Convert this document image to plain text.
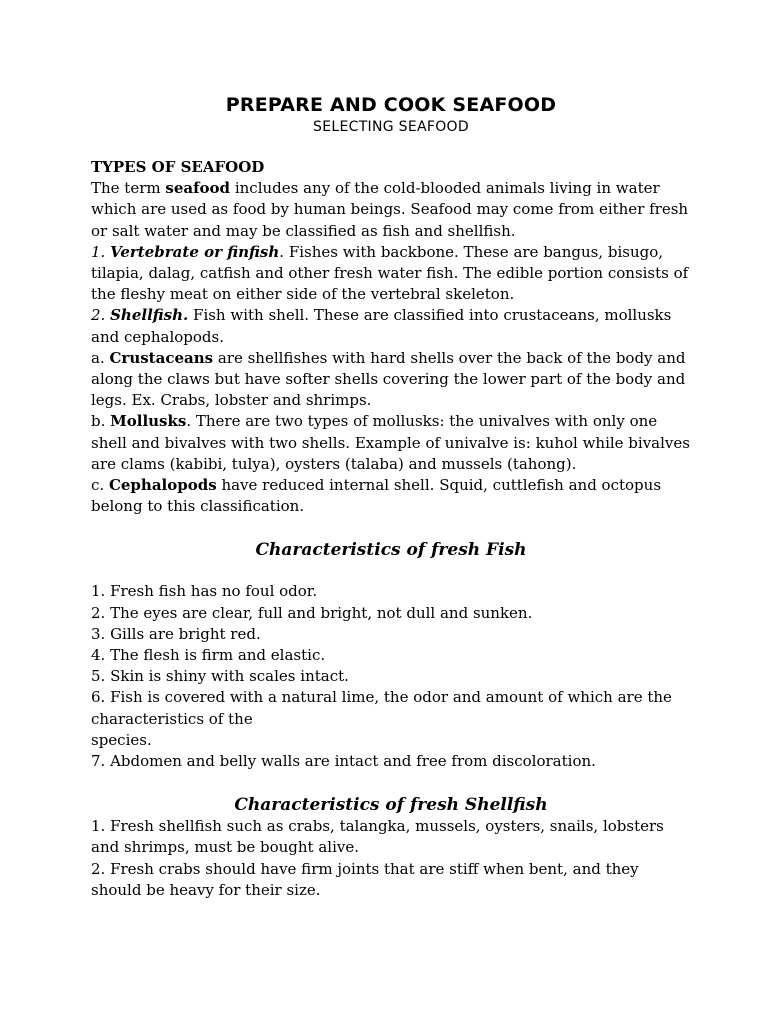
PREPARE AND COOK SEAFOOD
SELECTING SEAFOOD
TYPES OF SEAFOOD

The term seafood includes any of the cold-blooded animals living in water which are used as food by human beings. Seafood may come from either fresh or salt water and may be classified as fish and shellfish.

1. Vertebrate or finfish. Fishes with backbone. These are bangus, bisugo, tilapia, dalag, catfish and other fresh water fish. The edible portion consists of the fleshy meat on either side of the vertebral skeleton.

2. Shellfish. Fish with shell. These are classified into crustaceans, mollusks and cephalopods.

a. Crustaceans are shellfishes with hard shells over the back of the body and along the claws but have softer shells covering the lower part of the body and legs. Ex. Crabs, lobster and shrimps.

b. Mollusks. There are two types of mollusks: the univalves with only one shell and bivalves with two shells. Example of univalve is: kuhol while bivalves are clams (kabibi, tulya), oysters (talaba) and mussels (tahong).

c. Cephalopods have reduced internal shell. Squid, cuttlefish and octopus belong to this classification.

Characteristics of fresh Fish

1. Fresh fish has no foul odor.

2. The eyes are clear, full and bright, not dull and sunken.

3. Gills are bright red.

4. The flesh is firm and elastic.

5. Skin is shiny with scales intact.

6. Fish is covered with a natural lime, the odor and amount of which are the characteristics of the

species.

7. Abdomen and belly walls are intact and free from discoloration.

Characteristics of fresh Shellfish

1. Fresh shellfish such as crabs, talangka, mussels, oysters, snails, lobsters and shrimps, must be bought alive.

2. Fresh crabs should have firm joints that are stiff when bent, and they should be heavy for their size.
